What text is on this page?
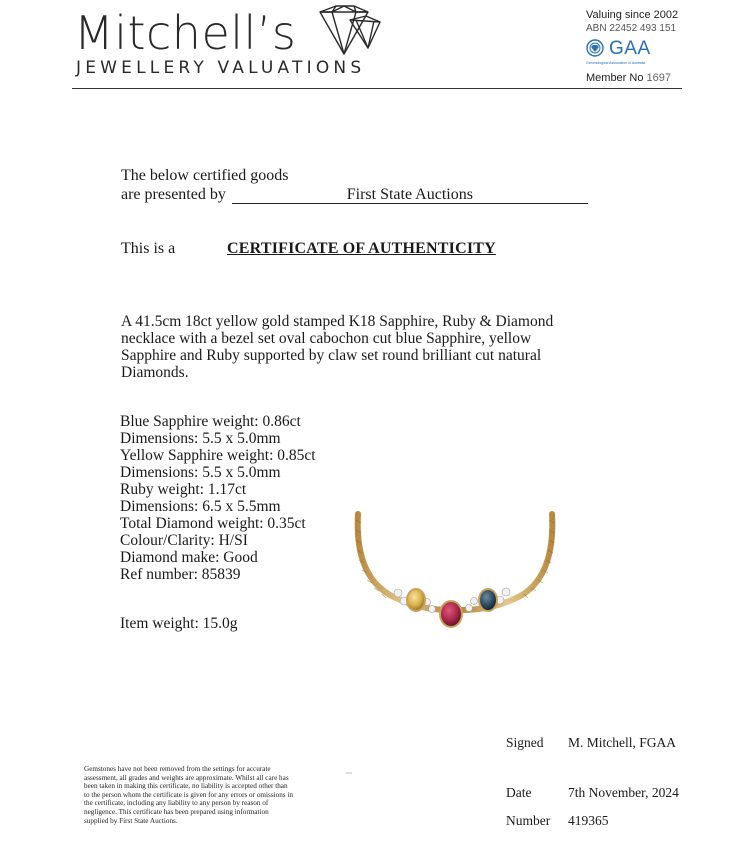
Mitchell’s
JEWELLERY VALUATIONS
Valuing since 2002
ABN 22452 493 151
GAA
Gemmological Association of Australia
Member No 1697
The below certified goods
are presented by	First State Auctions
This is a	CERTIFICATE OF AUTHENTICITY
A 41.5cm 18ct yellow gold stamped K18 Sapphire, Ruby & Diamond necklace with a bezel set oval cabochon cut blue Sapphire, yellow Sapphire and Ruby supported by claw set round brilliant cut natural Diamonds.
Blue Sapphire weight: 0.86ct
Dimensions: 5.5 x 5.0mm
Yellow Sapphire weight: 0.85ct
Dimensions: 5.5 x 5.0mm
Ruby weight: 1.17ct
Dimensions: 6.5 x 5.5mm
Total Diamond weight: 0.35ct
Colour/Clarity: H/SI
Diamond make: Good
Ref number: 85839
Item weight: 15.0g
Gemstones have not been removed from the settings for accurate assessment, all grades and weights are approximate. Whilst all care has been taken in making this certificate, no liability is accepted other than to the person whom the certificate is given for any errors or omissions in the certificate, including any liability to any person by reason of negligence. This certificate has been prepared using information supplied by First State Auctions.
Signed M. Mitchell, FGAA
Date	7th November, 2024
Number 419365
